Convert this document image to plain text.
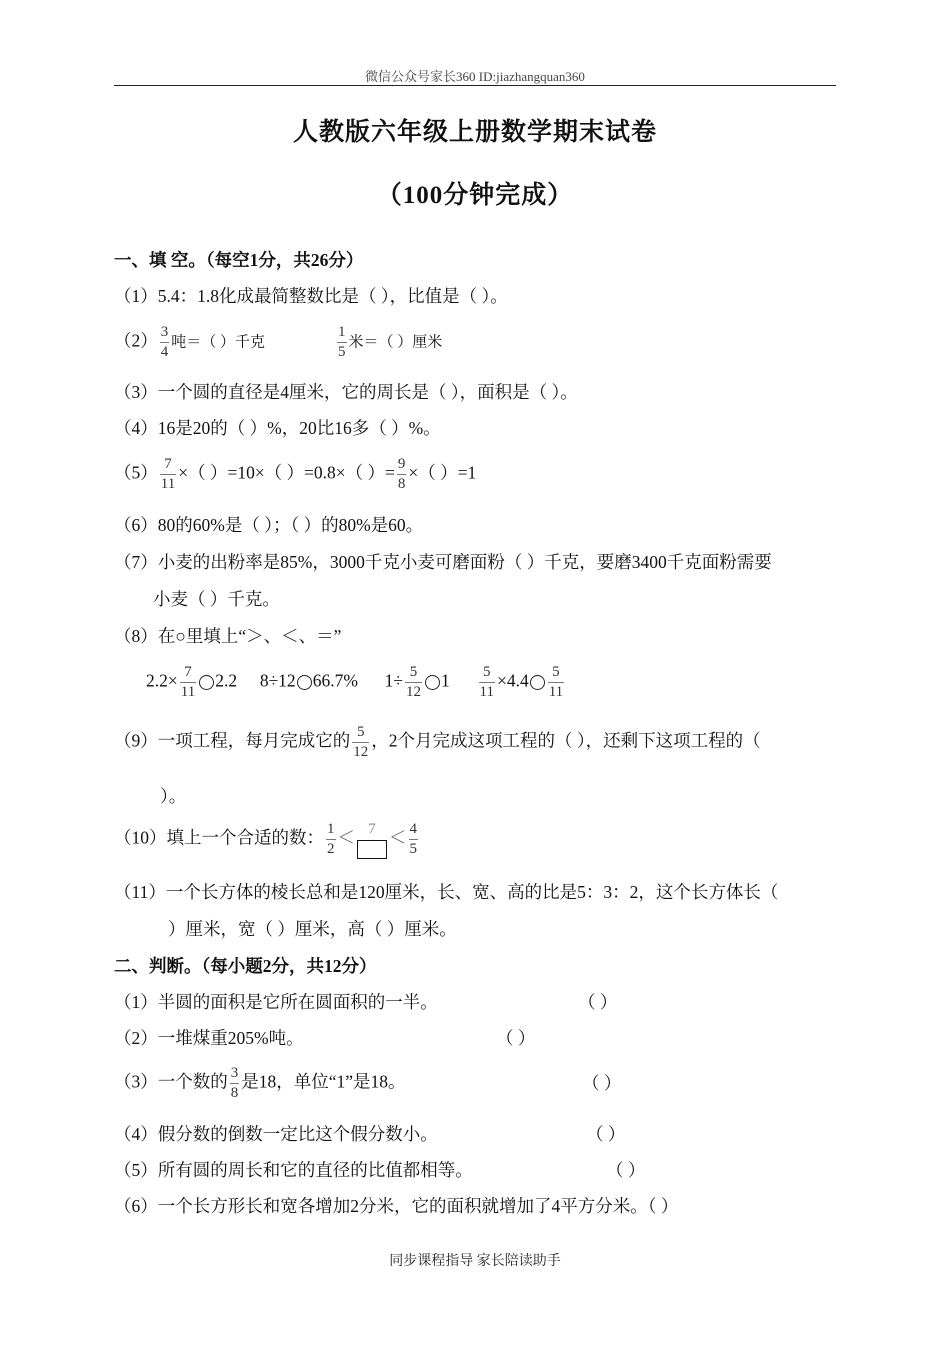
微信公众号家长360 ID:jiazhangquan360
人教版六年级上册数学期末试卷
（100分钟完成）
一、填 空。（每空1分，共26分）
（1）5.4：1.8化成最简整数比是（ ），比值是（ ）。
$(2) \frac{3}{4}$ 吨＝（ ）千克	$\frac{1}{5}$ 米＝（ ）厘米
（3）一个圆的直径是4厘米，它的周长是（ ），面积是（ ）。
（4）16是20的（ ）%，20比16多（ ）%。
$(5) \frac{7}{11}$ ×（ ）=10×（ ）=0.8×（ ）= $\frac{9}{8}$ ×（ ）=1
（6）80的60%是（ ）；（ ）的80%是60。
（7）小麦的出粉率是85%，3000千克小麦可磨面粉（ ）千克，要磨3400千克面粉需要
小麦（ ）千克。
（8）在○里填上“＞、＜、＝”
$2.2\times \frac{7}{11} 2.2$ 8÷12 66.7% $1\div \frac{5}{12} 1 \frac{5}{11} \times 4.4 \frac{5}{11}$
（9）一项工程，每月完成它的 $\frac{5}{12}$ ，2个月完成这项工程的（ ），还剩下这项工程的（
）。
（10）填上一个合适的数： $\frac{1}{2} < 7 < \frac{4}{5}$
（11）一个长方体的棱长总和是120厘米，长、宽、高的比是5：3：2，这个长方体长（
）厘米，宽（ ）厘米，高（ ）厘米。
二、判断。（每小题2分，共12分）
（1）半圆的面积是它所在圆面积的一半。	（ ）
（2）一堆煤重205%吨。	（ ）
（3）一个数的 $\frac{3}{8}$ 是18，单位“1”是18。	（ ）
（4）假分数的倒数一定比这个假分数小。	（ ）
（5）所有圆的周长和它的直径的比值都相等。	（ ）
（6）一个长方形长和宽各增加2分米，它的面积就增加了4平方分米。（ ）
同步课程指导 家长陪读助手
